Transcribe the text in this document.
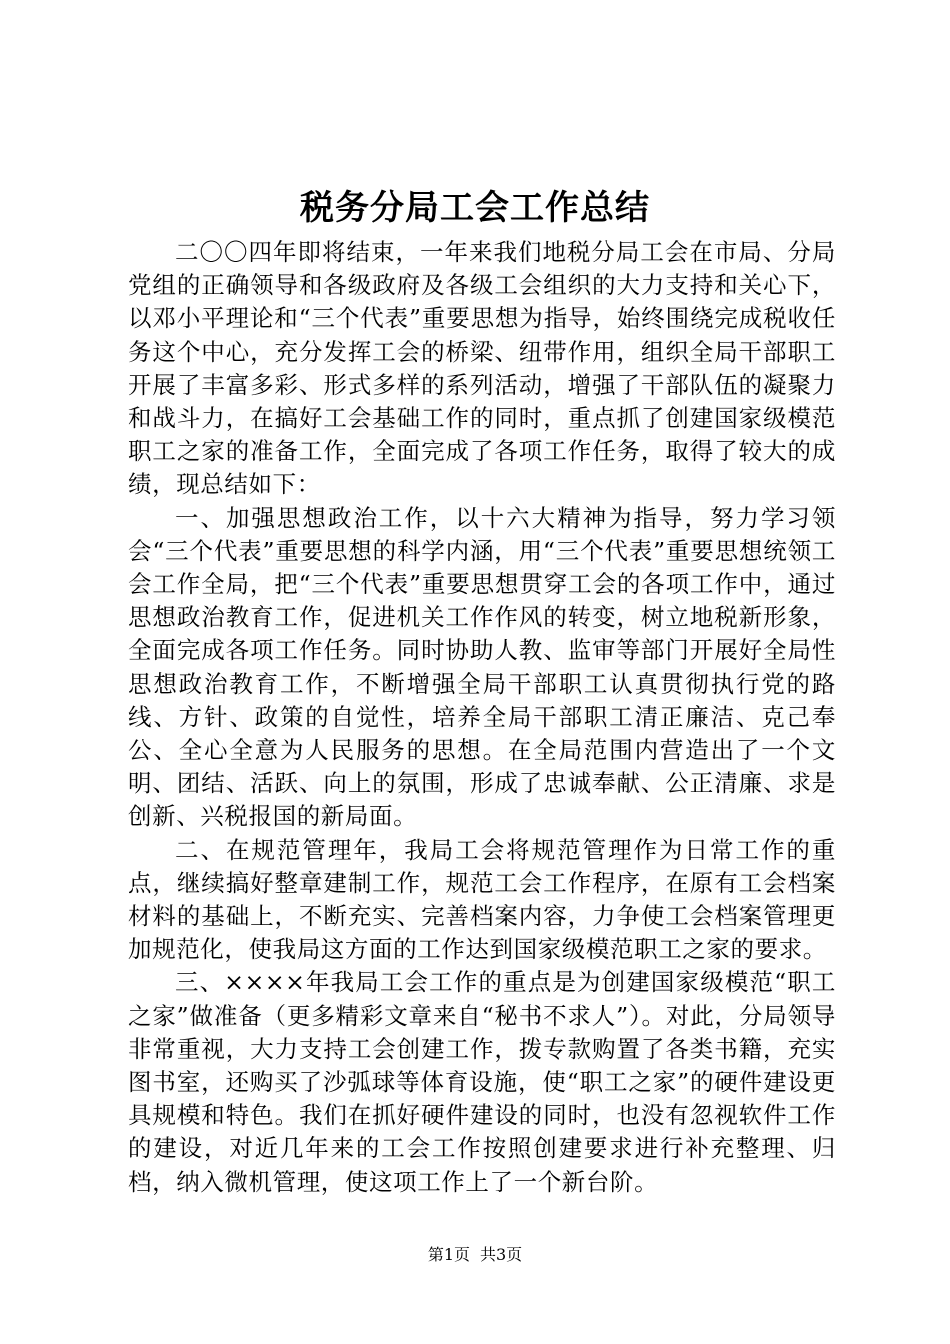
税务分局工会工作总结

二〇〇四年即将结束，一年来我们地税分局工会在市局、分局党组的正确领导和各级政府及各级工会组织的大力支持和关心下，以邓小平理论和“三个代表”重要思想为指导，始终围绕完成税收任务这个中心，充分发挥工会的桥梁、纽带作用，组织全局干部职工开展了丰富多彩、形式多样的系列活动，增强了干部队伍的凝聚力和战斗力，在搞好工会基础工作的同时，重点抓了创建国家级模范职工之家的准备工作，全面完成了各项工作任务，取得了较大的成绩，现总结如下：

一、加强思想政治工作，以十六大精神为指导，努力学习领会“三个代表”重要思想的科学内涵，用“三个代表”重要思想统领工会工作全局，把“三个代表”重要思想贯穿工会的各项工作中，通过思想政治教育工作，促进机关工作作风的转变，树立地税新形象，全面完成各项工作任务。同时协助人教、监审等部门开展好全局性思想政治教育工作，不断增强全局干部职工认真贯彻执行党的路线、方针、政策的自觉性，培养全局干部职工清正廉洁、克己奉公、全心全意为人民服务的思想。在全局范围内营造出了一个文明、团结、活跃、向上的氛围，形成了忠诚奉献、公正清廉、求是创新、兴税报国的新局面。

二、在规范管理年，我局工会将规范管理作为日常工作的重点，继续搞好整章建制工作，规范工会工作程序，在原有工会档案材料的基础上，不断充实、完善档案内容，力争使工会档案管理更加规范化，使我局这方面的工作达到国家级模范职工之家的要求。

三、××××年我局工会工作的重点是为创建国家级模范“职工之家”做准备（更多精彩文章来自“秘书不求人”）。对此，分局领导非常重视，大力支持工会创建工作，拨专款购置了各类书籍，充实图书室，还购买了沙弧球等体育设施，使“职工之家”的硬件建设更具规模和特色。我们在抓好硬件建设的同时，也没有忽视软件工作的建设，对近几年来的工会工作按照创建要求进行补充整理、归档，纳入微机管理，使这项工作上了一个新台阶。

第1页 共3页
